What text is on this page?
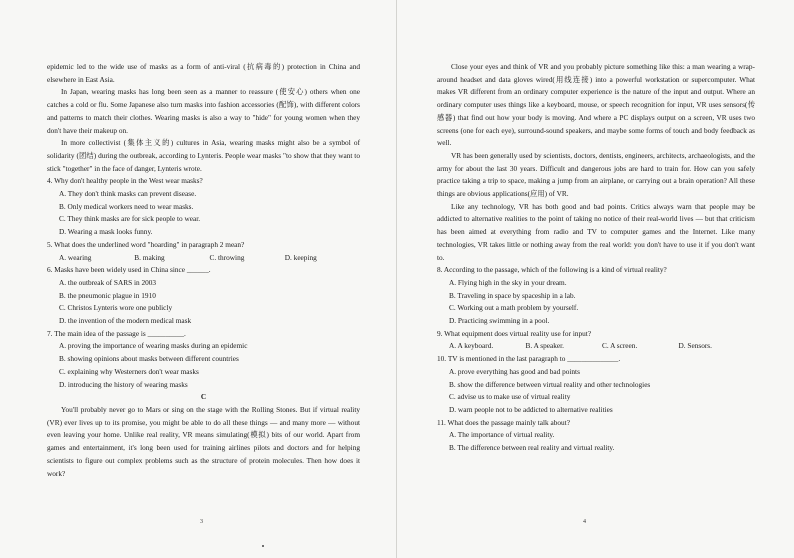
epidemic led to the wide use of masks as a form of anti-viral (抗病毒的) protection in China and elsewhere in East Asia.

In Japan, wearing masks has long been seen as a manner to reassure (使安心) others when one catches a cold or flu. Some Japanese also turn masks into fashion accessories (配饰), with different colors and patterns to match their clothes. Wearing masks is also a way to "hide" for young women when they don't have their makeup on.

In more collectivist (集体主义的) cultures in Asia, wearing masks might also be a symbol of solidarity (团结) during the outbreak, according to Lynteris. People wear masks "to show that they want to stick "together" in the face of danger, Lynteris wrote.

4. Why don't healthy people in the West wear masks?

A. They don't think masks can prevent disease.

B. Only medical workers need to wear masks.

C. They think masks are for sick people to wear.

D. Wearing a mask looks funny.

5. What does the underlined word "hoarding" in paragraph 2 mean?

A. wearing	B. making	C. throwing	D. keeping

6. Masks have been widely used in China since ______.

A. the outbreak of SARS in 2003

B. the pneumonic plague in 1910

C. Christos Lynteris wore one publicly

D. the invention of the modern medical mask

7. The main idea of the passage is __________.

A. proving the importance of wearing masks during an epidemic

B. showing opinions about masks between different countries

C. explaining why Westerners don't wear masks

D. introducing the history of wearing masks

C

You'll probably never go to Mars or sing on the stage with the Rolling Stones. But if virtual reality (VR) ever lives up to its promise, you might be able to do all these things — and many more — without even leaving your home. Unlike real reality, VR means simulating(模拟) bits of our world. Apart from games and entertainment, it's long been used for training airlines pilots and doctors and for helping scientists to figure out complex problems such as the structure of protein molecules. Then how does it work?

3

Close your eyes and think of VR and you probably picture something like this: a man wearing a wrap-around headset and data gloves wired(用线连接) into a powerful workstation or supercomputer. What makes VR different from an ordinary computer experience is the nature of the input and output. Where an ordinary computer uses things like a keyboard, mouse, or speech recognition for input, VR uses sensors(传感器) that find out how your body is moving. And where a PC displays output on a screen, VR uses two screens (one for each eye), surround-sound speakers, and maybe some forms of touch and body feedback as well.

VR has been generally used by scientists, doctors, dentists, engineers, architects, archaeologists, and the army for about the last 30 years. Difficult and dangerous jobs are hard to train for. How can you safely practice taking a trip to space, making a jump from an airplane, or carrying out a brain operation? All these things are obvious applications(应用) of VR.

Like any technology, VR has both good and bad points. Critics always warn that people may be addicted to alternative realities to the point of taking no notice of their real-world lives — but that criticism has been aimed at everything from radio and TV to computer games and the Internet. Like many technologies, VR takes little or nothing away from the real world: you don't have to use it if you don't want to.

8. According to the passage, which of the following is a kind of virtual reality?

A. Flying high in the sky in your dream.

B. Traveling in space by spaceship in a lab.

C. Working out a math problem by yourself.

D. Practicing swimming in a pool.

9. What equipment does virtual reality use for input?

A. A keyboard.	B. A speaker.	C. A screen.	D. Sensors.

10. TV is mentioned in the last paragraph to ______________.

A. prove everything has good and bad points

B. show the difference between virtual reality and other technologies

C. advise us to make use of virtual reality

D. warn people not to be addicted to alternative realities

11. What does the passage mainly talk about?

A. The importance of virtual reality.

B. The difference between real reality and virtual reality.

4
